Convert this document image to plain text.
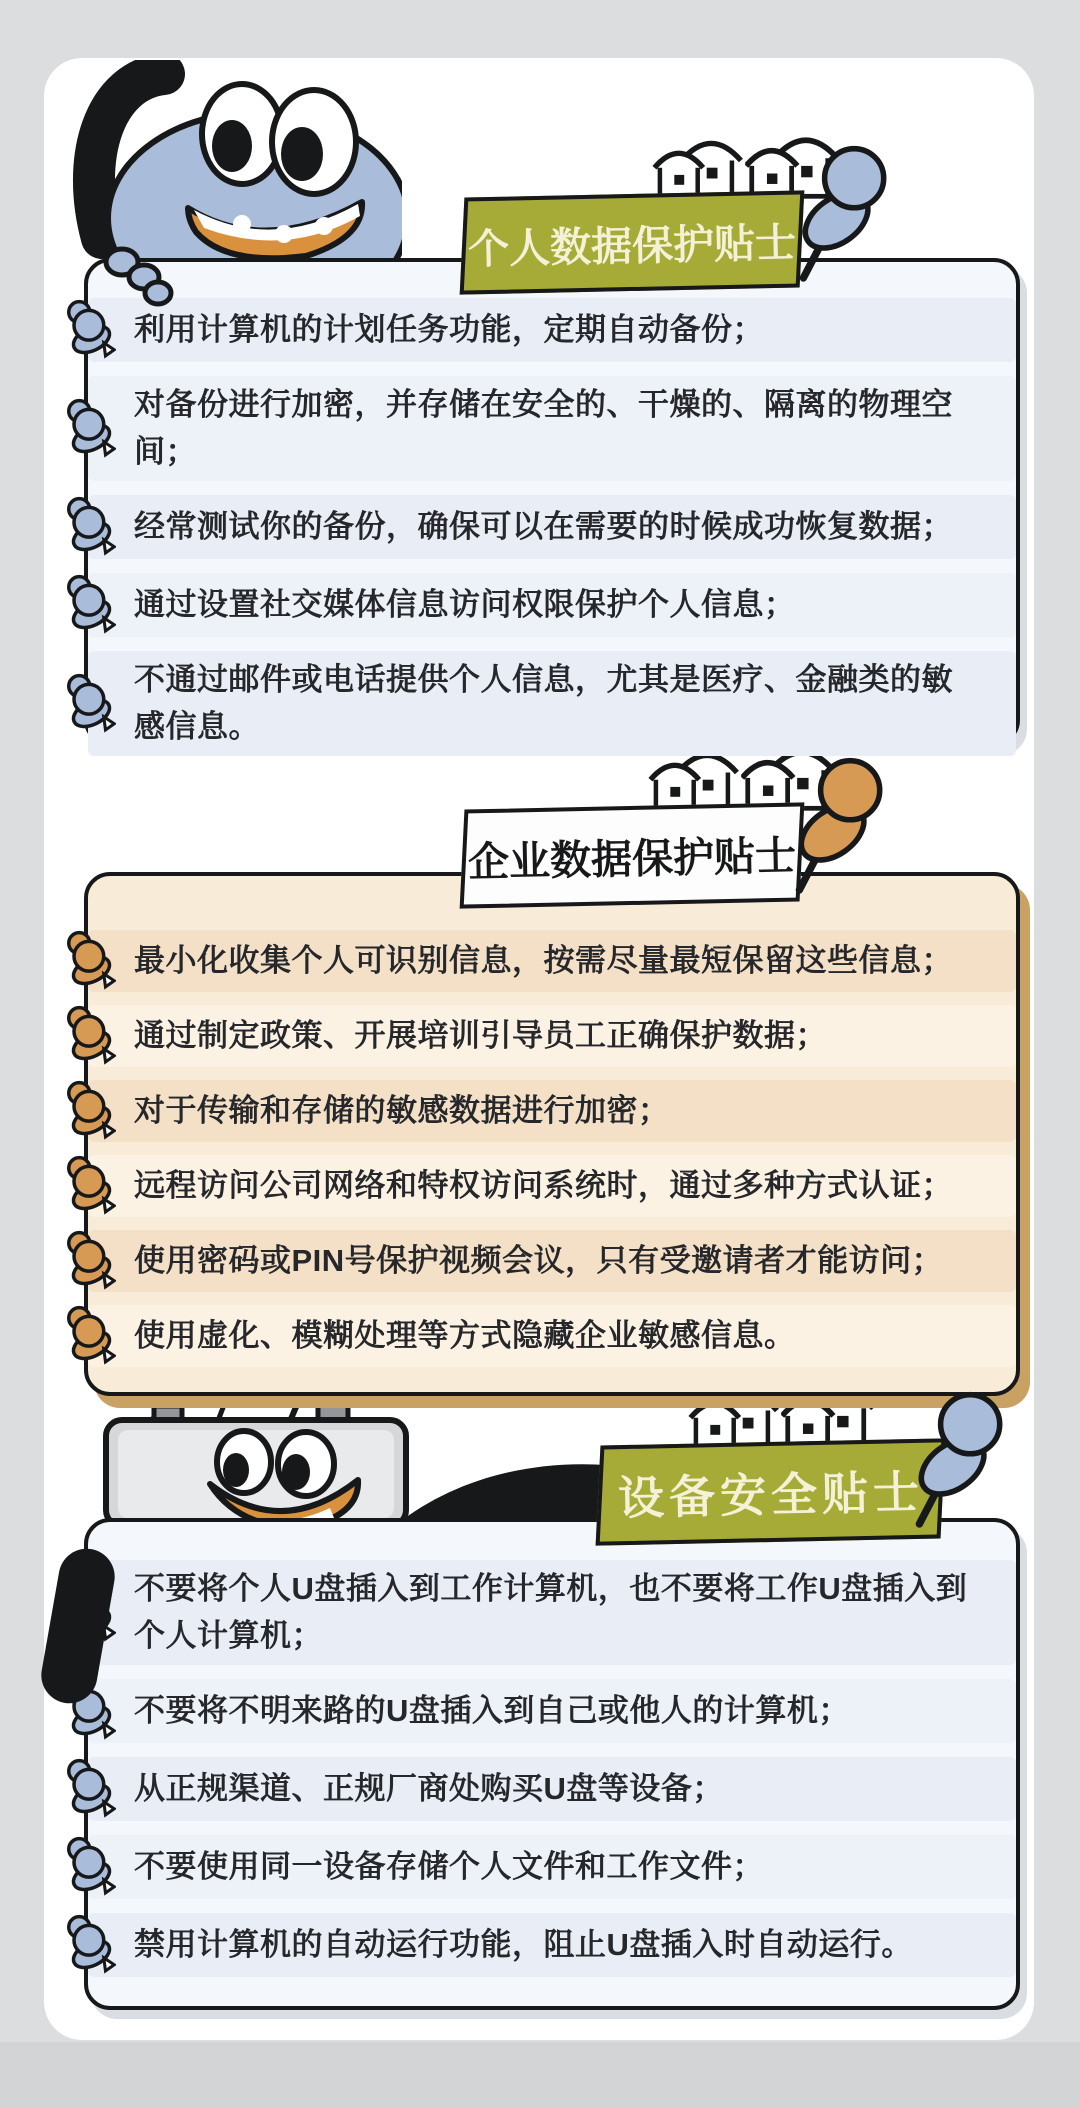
利用计算机的计划任务功能，定期自动备份；
对备份进行加密，并存储在安全的、干燥的、隔离的物理空间；
经常测试你的备份，确保可以在需要的时候成功恢复数据；
通过设置社交媒体信息访问权限保护个人信息；
不通过邮件或电话提供个人信息，尤其是医疗、金融类的敏感信息。
个人数据保护贴士
最小化收集个人可识别信息，按需尽量最短保留这些信息；
通过制定政策、开展培训引导员工正确保护数据；
对于传输和存储的敏感数据进行加密；
远程访问公司网络和特权访问系统时，通过多种方式认证；
使用密码或PIN号保护视频会议，只有受邀请者才能访问；
使用虚化、模糊处理等方式隐藏企业敏感信息。
企业数据保护贴士
不要将个人U盘插入到工作计算机，也不要将工作U盘插入到个人计算机；
不要将不明来路的U盘插入到自己或他人的计算机；
从正规渠道、正规厂商处购买U盘等设备；
不要使用同一设备存储个人文件和工作文件；
禁用计算机的自动运行功能，阻止U盘插入时自动运行。
设备安全贴士
